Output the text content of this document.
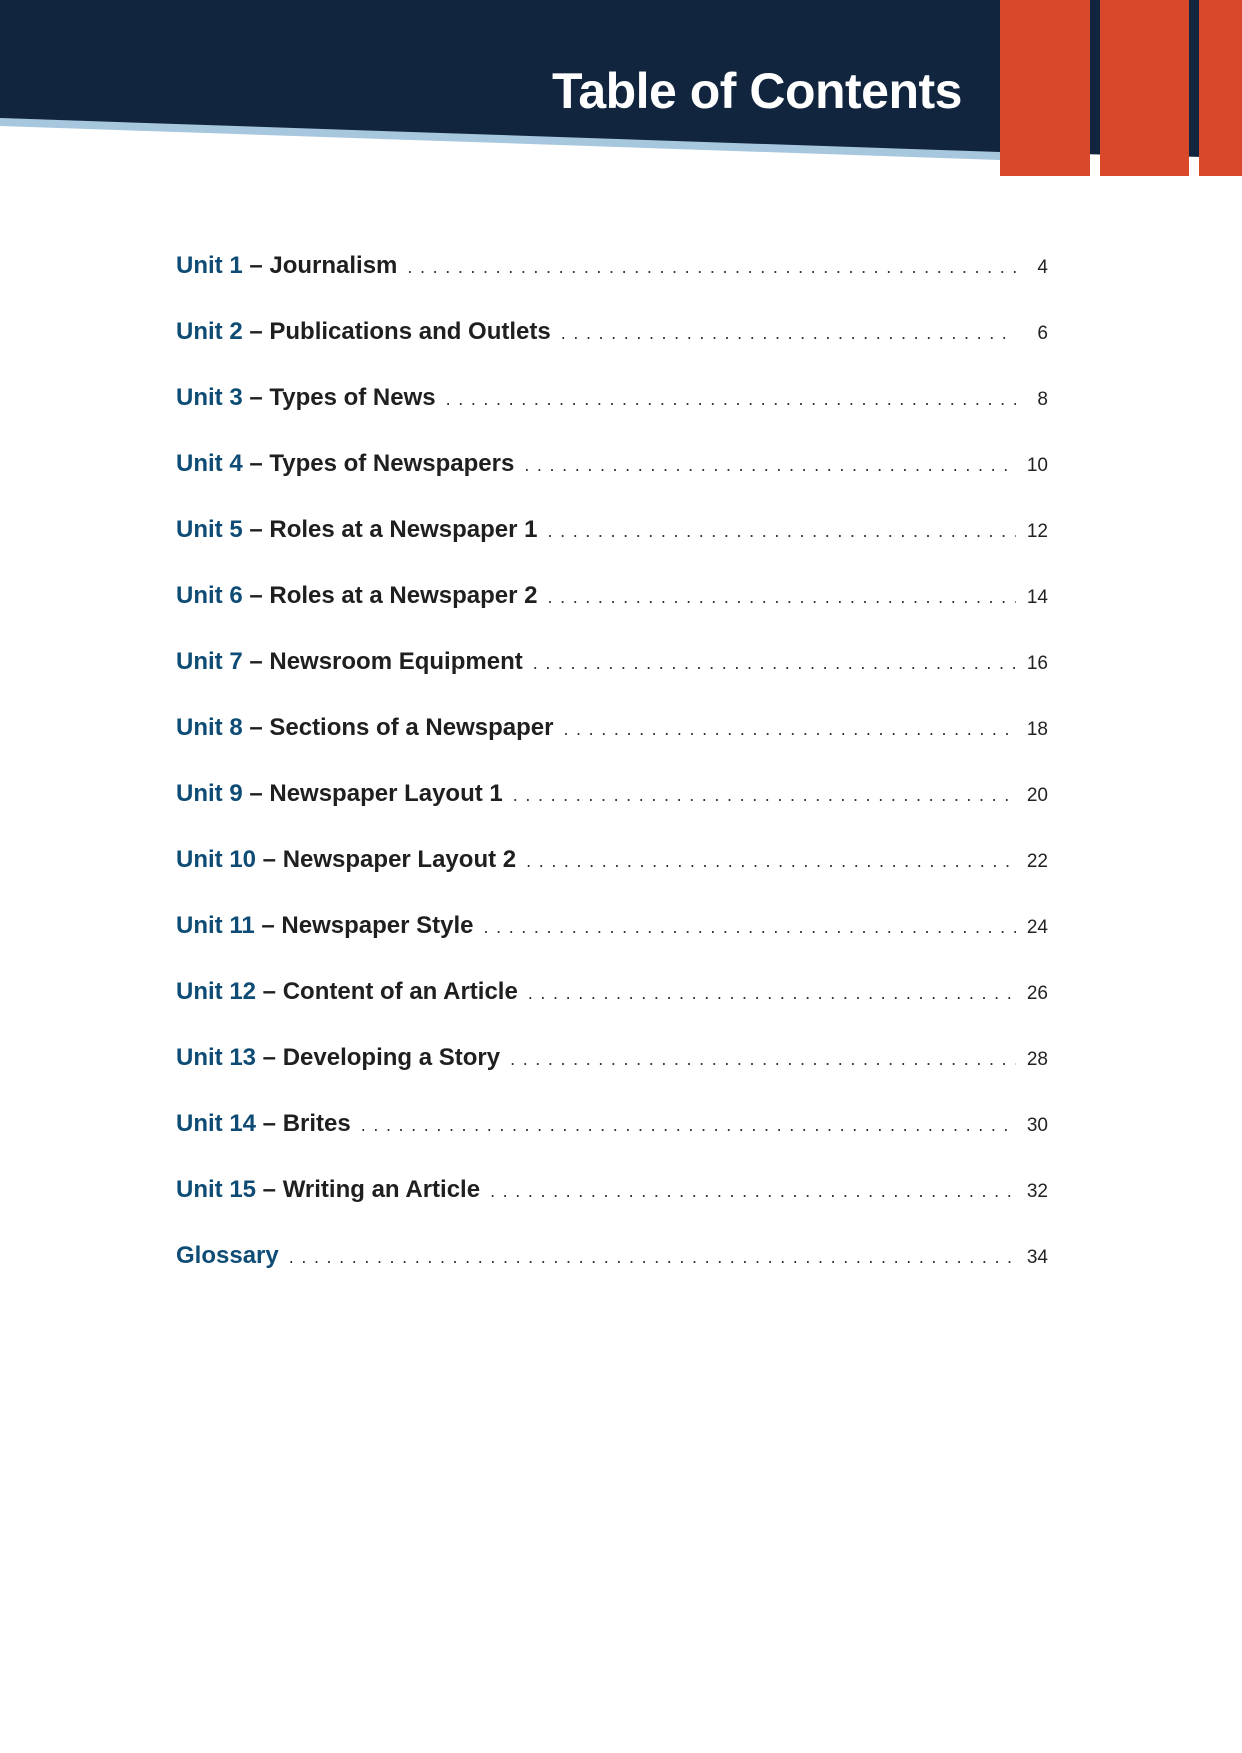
Table of Contents
Unit 1 – Journalism . . .	4
Unit 2 – Publications and Outlets . . .	6
Unit 3 – Types of News . . .	8
Unit 4 – Types of Newspapers . . .	10
Unit 5 – Roles at a Newspaper 1 . . .	12
Unit 6 – Roles at a Newspaper 2 . . .	14
Unit 7 – Newsroom Equipment . . .	16
Unit 8 – Sections of a Newspaper . . .	18
Unit 9 – Newspaper Layout 1 . . .	20
Unit 10 – Newspaper Layout 2 . . .	22
Unit 11 – Newspaper Style . . .	24
Unit 12 – Content of an Article . . .	26
Unit 13 – Developing a Story . . .	28
Unit 14 – Brites . . .	30
Unit 15 – Writing an Article . . .	32
Glossary . . .	34
